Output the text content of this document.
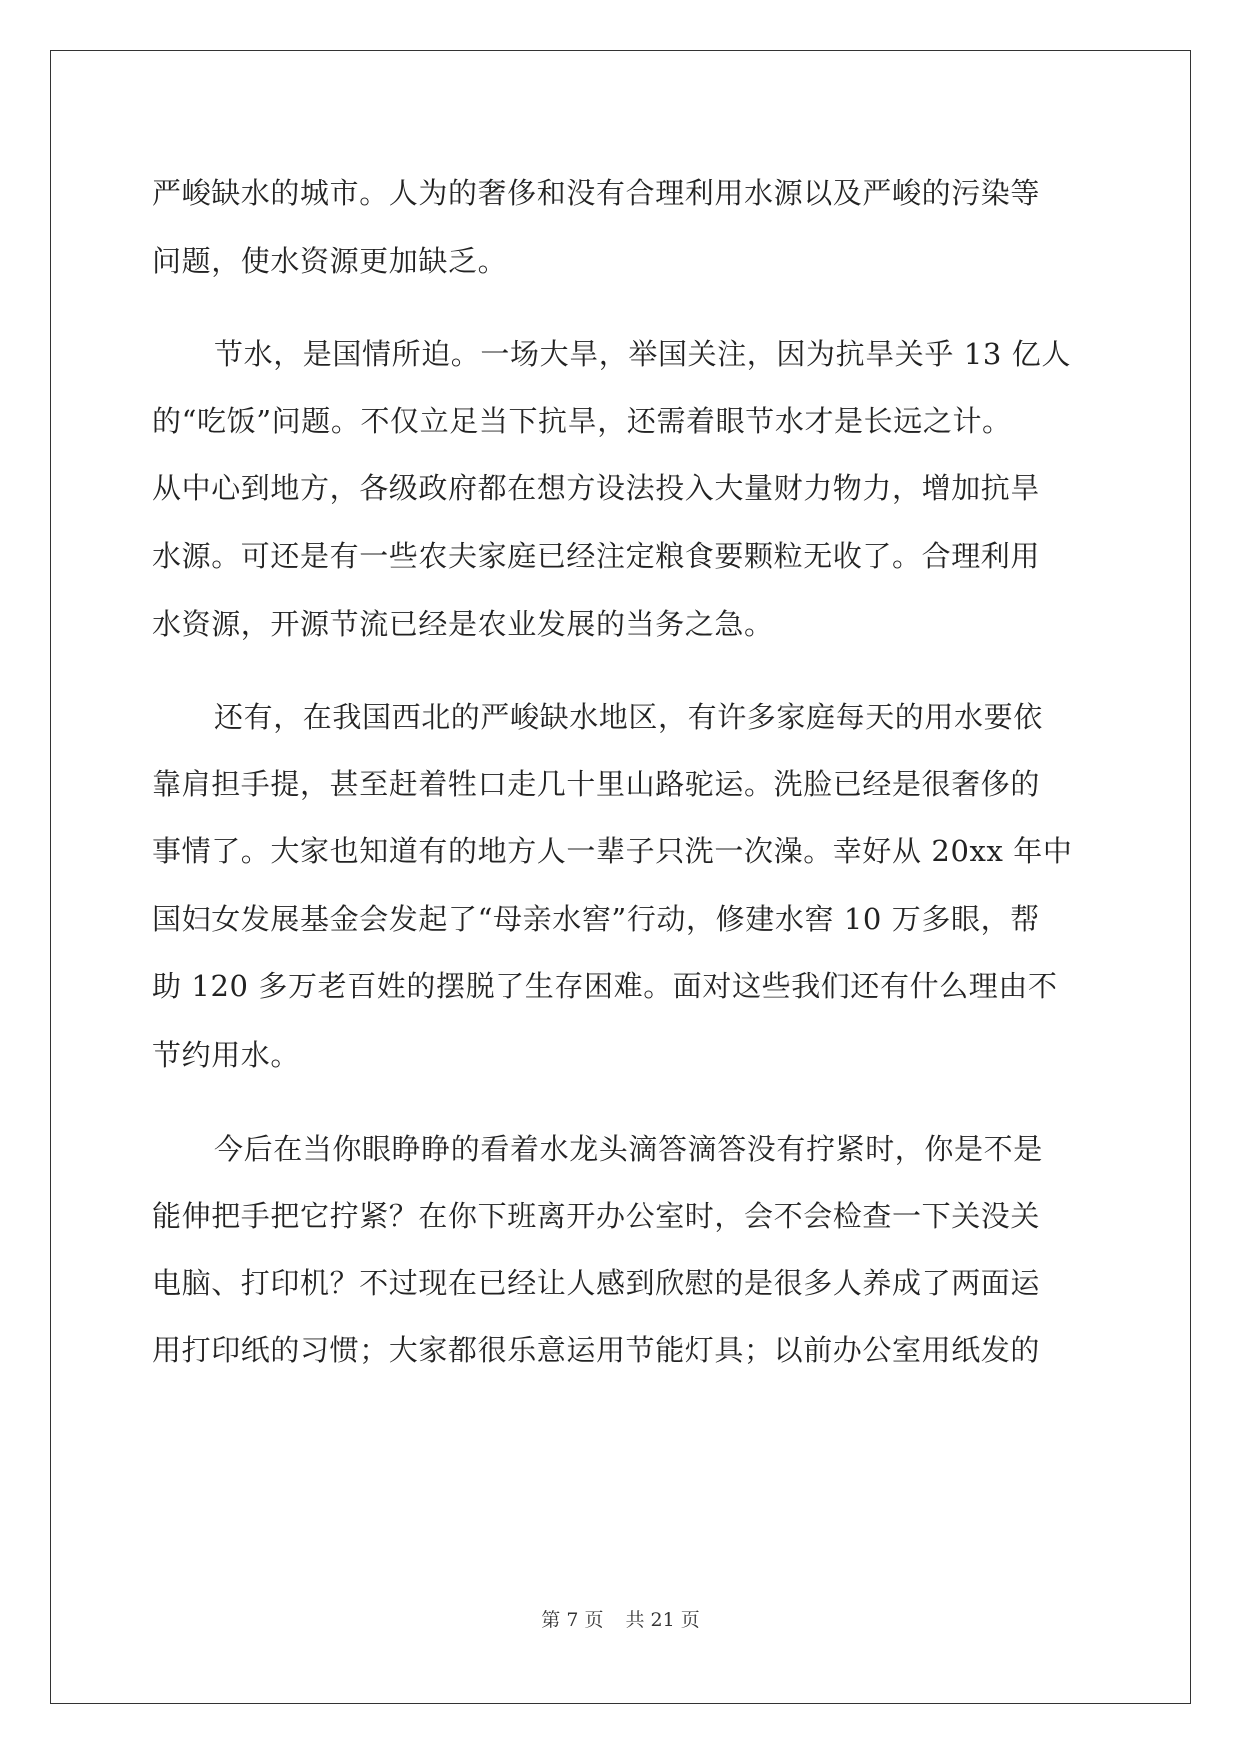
严峻缺水的城市。人为的奢侈和没有合理利用水源以及严峻的污染等
问题，使水资源更加缺乏。
节水，是国情所迫。一场大旱，举国关注，因为抗旱关乎 13 亿人
的“吃饭”问题。不仅立足当下抗旱，还需着眼节水才是长远之计。
从中心到地方，各级政府都在想方设法投入大量财力物力，增加抗旱
水源。可还是有一些农夫家庭已经注定粮食要颗粒无收了。合理利用
水资源，开源节流已经是农业发展的当务之急。
还有，在我国西北的严峻缺水地区，有许多家庭每天的用水要依
靠肩担手提，甚至赶着牲口走几十里山路驼运。洗脸已经是很奢侈的
事情了。大家也知道有的地方人一辈子只洗一次澡。幸好从 20xx 年中
国妇女发展基金会发起了“母亲水窖”行动，修建水窖 10 万多眼，帮
助 120 多万老百姓的摆脱了生存困难。面对这些我们还有什么理由不
节约用水。
今后在当你眼睁睁的看着水龙头滴答滴答没有拧紧时，你是不是
能伸把手把它拧紧？在你下班离开办公室时，会不会检查一下关没关
电脑、打印机？不过现在已经让人感到欣慰的是很多人养成了两面运
用打印纸的习惯；大家都很乐意运用节能灯具；以前办公室用纸发的
第 7 页 共 21 页
